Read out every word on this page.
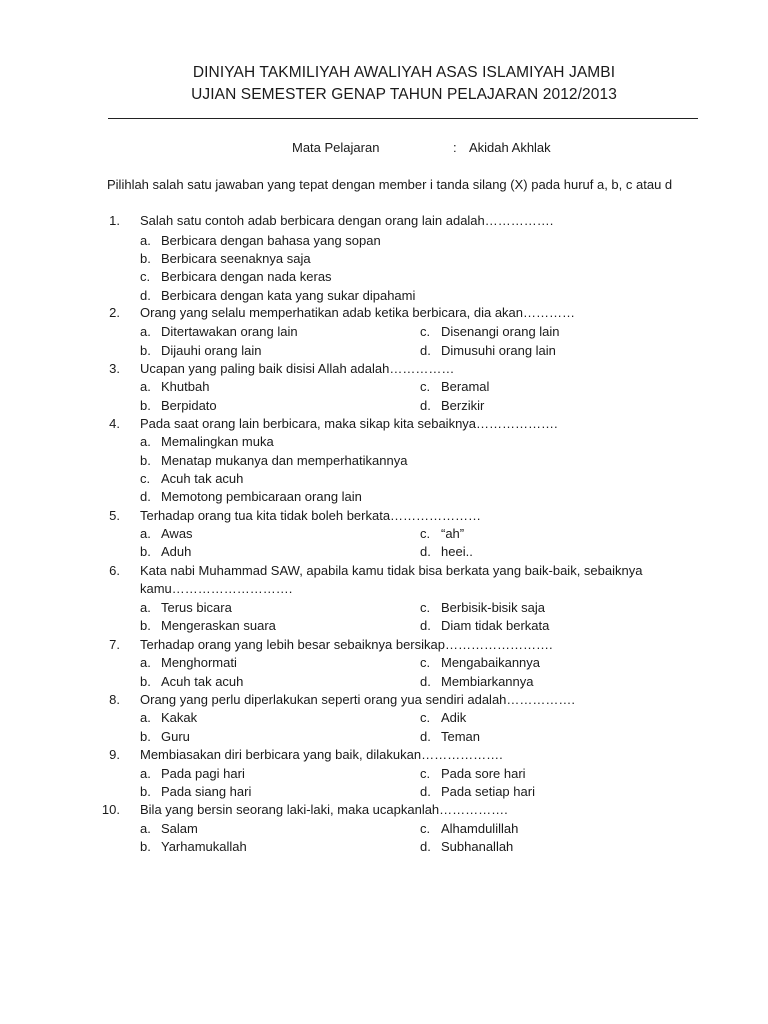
DINIYAH TAKMILIYAH AWALIYAH ASAS ISLAMIYAH JAMBI
UJIAN SEMESTER GENAP TAHUN PELAJARAN 2012/2013
Mata Pelajaran	: Akidah Akhlak
Pilihlah salah satu jawaban yang tepat dengan member i tanda silang (X) pada huruf a, b, c atau d
1. Salah satu contoh adab berbicara dengan orang lain adalah…………….
a. Berbicara dengan bahasa yang sopan
b. Berbicara seenaknya saja
c. Berbicara dengan nada keras
d. Berbicara dengan kata yang sukar dipahami
2. Orang yang selalu memperhatikan adab ketika berbicara, dia akan…………
a. Ditertawakan orang lain
b. Dijauhi orang lain
c. Disenangi orang lain
d. Dimusuhi orang lain
3. Ucapan yang paling baik disisi Allah adalah……………
a. Khutbah
b. Berpidato
c. Beramal
d. Berzikir
4. Pada saat orang lain berbicara, maka sikap kita sebaiknya……………….
a. Memalingkan muka
b. Menatap mukanya dan memperhatikannya
c. Acuh tak acuh
d. Memotong pembicaraan orang lain
5. Terhadap orang tua kita tidak boleh berkata…………………
a. Awas
b. Aduh
c. “ah”
d. heei..
6. Kata nabi Muhammad SAW, apabila kamu tidak bisa berkata yang baik-baik, sebaiknya
kamu……………………….
a. Terus bicara
b. Mengeraskan suara
c. Berbisik-bisik saja
d. Diam tidak berkata
7. Terhadap orang yang lebih besar sebaiknya bersikap…………………….
a. Menghormati
b. Acuh tak acuh
c. Mengabaikannya
d. Membiarkannya
8. Orang yang perlu diperlakukan seperti orang yua sendiri adalah…………….
a. Kakak
b. Guru
c. Adik
d. Teman
9. Membiasakan diri berbicara yang baik, dilakukan……………….
a. Pada pagi hari
b. Pada siang hari
c. Pada sore hari
d. Pada setiap hari
10. Bila yang bersin seorang laki-laki, maka ucapkanlah…………….
a. Salam
b. Yarhamukallah
c. Alhamdulillah
d. Subhanallah
